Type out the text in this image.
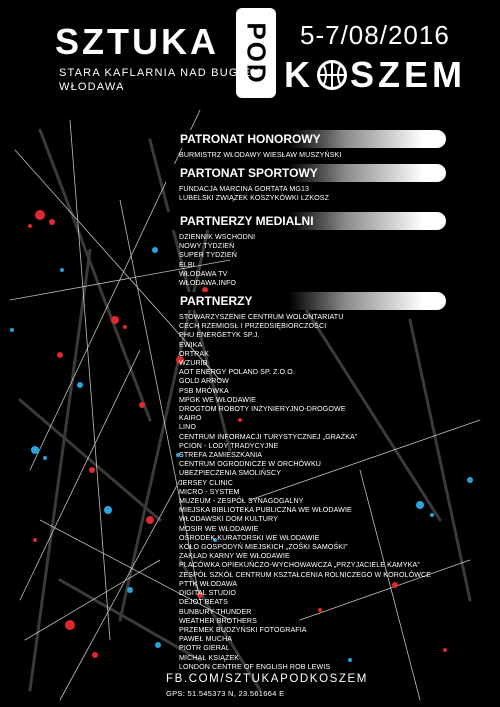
SZTUKA POD 5-7/08/2016
STARA KAFLARNIA NAD BUGIEM
WŁODAWA	K SZEM
PATRONAT HONOROWY
BURMISTRZ WŁODAWY WIESŁAW MUSZYŃSKI
PARTONAT SPORTOWY
FUNDACJA MARCINA GORTATA MG13
LUBELSKI ZWIĄZEK KOSZYKÓWKI LZKOSZ
PARTNERZY MEDIALNI
DZIENNIK WSCHODNI
NOWY TYDZIEŃ
SUPER TYDZIEŃ
ELBI
WŁODAWA TV
WŁODAWA.INFO
PARTNERZY
STOWARZYSZENIE CENTRUM WOLONTARIATU
CECH RZEMIOSŁ I PRZEDSIĘBIORCZOŚCI
PHU ENERGETYK SP.J.
EWIKA
ORTRAK
WZURIB
AOT ENERGY POLAND SP. Z.O.O.
GOLD ARROW
PSB MRÓWKA
MPGK WE WŁODAWIE
DROGTOM ROBOTY INŻYNIERYJNO-DROGOWE
KAIRO
LINO
CENTRUM INFORMACJI TURYSTYCZNEJ „GRAŻKA”
PCION - LODY TRADYCYJNE
STREFA ZAMIESZKANIA
CENTRUM OGRODNICZE W ORCHÓWKU
UBEZPIECZENIA SMOLIŃSCY
JERSEY CLINIC
MICRO - SYSTEM
MUZEUM - ZESPÓŁ SYNAGOGALNY
MIEJSKA BIBLIOTEKA PUBLICZNA WE WŁODAWIE
WŁODAWSKI DOM KULTURY
MOSIR WE WŁODAWIE
OŚRODEK KURATORSKI WE WŁODAWIE
KOŁO GOSPODYŃ MIEJSKICH „ZOŚKI SAMOŚKI”
ZAKŁAD KARNY WE WŁODAWIE
PLACÓWKA OPIEKUŃCZO-WYCHOWAWCZA „PRZYJACIELE KAMYKA”
ZESPÓŁ SZKÓŁ CENTRUM KSZTAŁCENIA ROLNICZEGO W KOROLÓWCE
PTTK WŁODAWA
DIGITAL STUDIO
DEJOT BEATS
BUNBURY THUNDER
WEATHER BROTHERS
PRZEMEK BUDZYŃSKI FOTOGRAFIA
PAWEŁ MUCHA
PIOTR GIERAL
MICHAŁ KSIĄŻEK
LONDON CENTRE OF ENGLISH ROB LEWIS
FB.COM/SZTUKAPODKOSZEM
GPS: 51.545373 N, 23.561664 E
